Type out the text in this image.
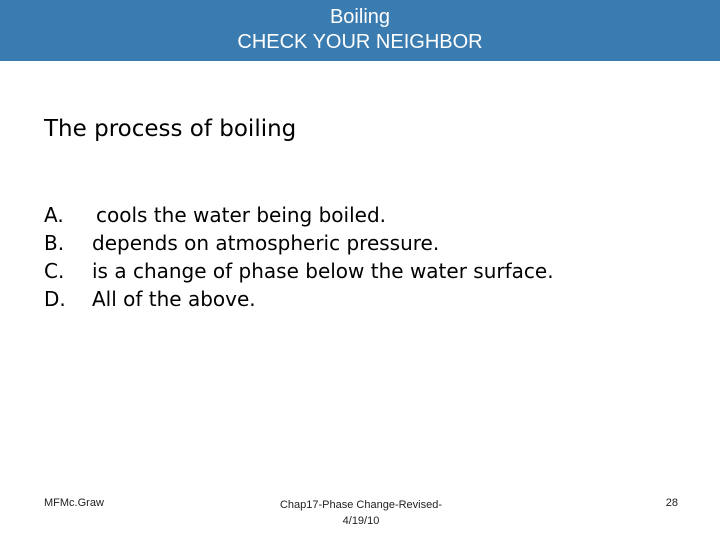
Boiling
CHECK YOUR NEIGHBOR
The process of boiling
A. cools the water being boiled.
B. depends on atmospheric pressure.
C. is a change of phase below the water surface.
D. All of the above.
MFMc.Graw	Chap17-Phase Change-Revised-
4/19/10
28
